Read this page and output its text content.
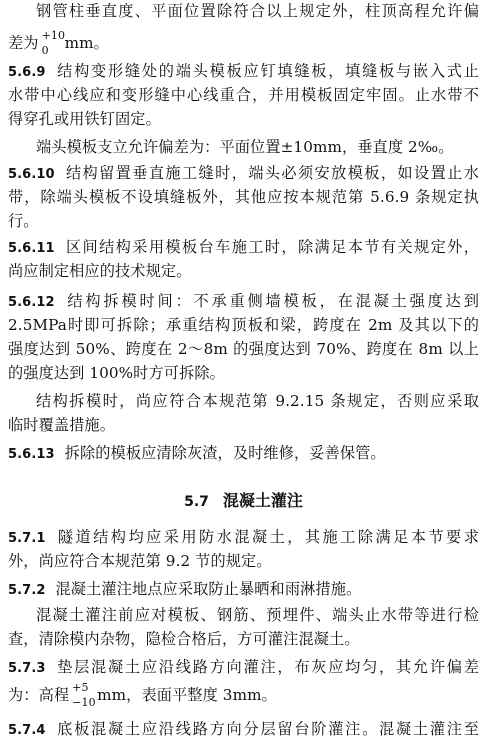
钢管柱垂直度、平面位置除符合以上规定外，柱顶高程允许偏
差为 +10
0 mm。
5.6.9 结构变形缝处的端头模板应钉填缝板，填缝板与嵌入式止
水带中心线应和变形缝中心线重合，并用模板固定牢固。止水带不
得穿孔或用铁钉固定。
端头模板支立允许偏差为：平面位置±10mm，垂直度 2‰。
5.6.10 结构留置垂直施工缝时，端头必须安放模板，如设置止水
带，除端头模板不设填缝板外，其他应按本规范第 5.6.9 条规定执
行。
5.6.11 区间结构采用模板台车施工时，除满足本节有关规定外，
尚应制定相应的技术规定。
5.6.12 结构拆模时间：不承重侧墙模板，在混凝土强度达到
2.5MPa时即可拆除；承重结构顶板和梁，跨度在 2m 及其以下的
强度达到 50%、跨度在 2～8m 的强度达到 70%、跨度在 8m 以上
的强度达到 100%时方可拆除。
结构拆模时，尚应符合本规范第 9.2.15 条规定，否则应采取
临时覆盖措施。
5.6.13 拆除的模板应清除灰渣，及时维修，妥善保管。
5.7 混凝土灌注
5.7.1 隧道结构均应采用防水混凝土，其施工除满足本节要求
外，尚应符合本规范第 9.2 节的规定。
5.7.2 混凝土灌注地点应采取防止暴晒和雨淋措施。
混凝土灌注前应对模板、钢筋、预埋件、端头止水带等进行检
查，清除模内杂物，隐检合格后，方可灌注混凝土。
5.7.3 垫层混凝土应沿线路方向灌注，布灰应均匀，其允许偏差
为：高程 +5
−10 mm，表面平整度 3mm。
5.7.4 底板混凝土应沿线路方向分层留台阶灌注。混凝土灌注至
